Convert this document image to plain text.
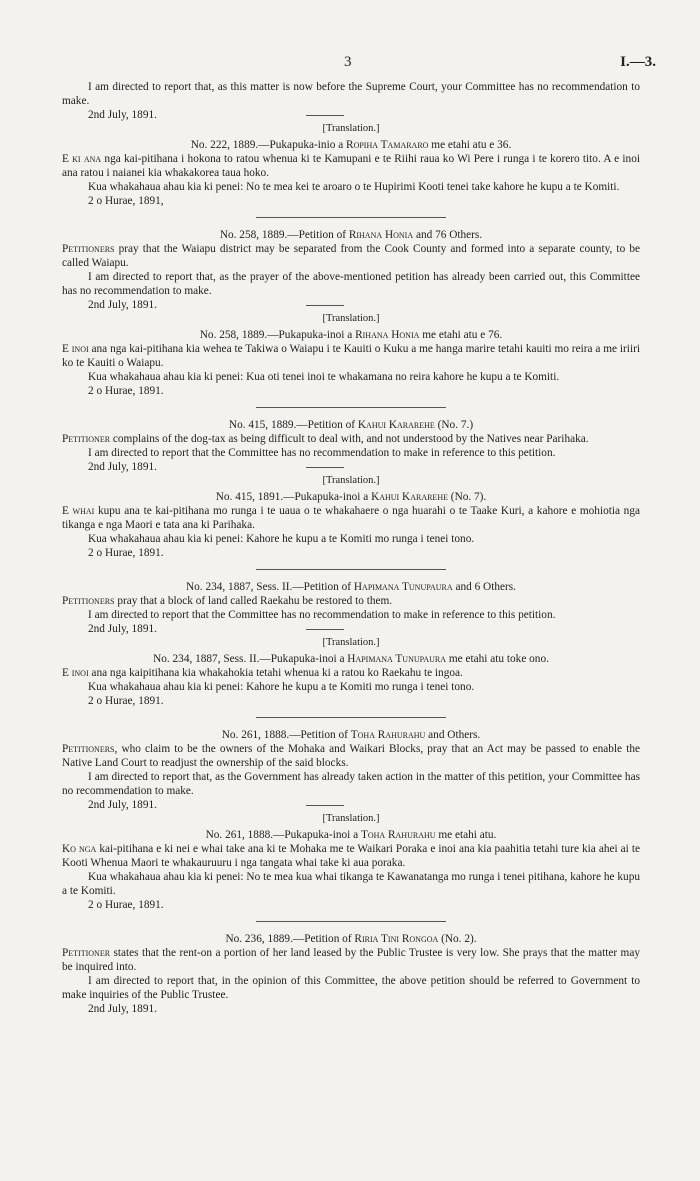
3	I.—3.

I am directed to report that, as this matter is now before the Supreme Court, your Committee has no recommendation to make.

2nd July, 1891.

[Translation.]

No. 222, 1889.—Pukapuka-inio a Ropiha Tamararo me etahi atu e 36.

E ki ana nga kai-pitihana i hokona to ratou whenua ki te Kamupani e te Riihi raua ko Wi Pere i runga i te korero tito. A e inoi ana ratou i naianei kia whakakorea taua hoko.

Kua whakahaua ahau kia ki penei: No te mea kei te aroaro o te Hupirimi Kooti tenei take kahore he kupu a te Komiti.

2 o Hurae, 1891,

No. 258, 1889.—Petition of Rihana Honia and 76 Others.

Petitioners pray that the Waiapu district may be separated from the Cook County and formed into a separate county, to be called Waiapu.

I am directed to report that, as the prayer of the above-mentioned petition has already been carried out, this Committee has no recommendation to make.

2nd July, 1891.

[Translation.]

No. 258, 1889.—Pukapuka-inoi a Rihana Honia me etahi atu e 76.

E inoi ana nga kai-pitihana kia wehea te Takiwa o Waiapu i te Kauiti o Kuku a me hanga marire tetahi kauiti mo reira a me iriiri ko te Kauiti o Waiapu.

Kua whakahaua ahau kia ki penei: Kua oti tenei inoi te whakamana no reira kahore he kupu a te Komiti.

2 o Hurae, 1891.

No. 415, 1889.—Petition of Kahui Kararehe (No. 7.)

Petitioner complains of the dog-tax as being difficult to deal with, and not understood by the Natives near Parihaka.

I am directed to report that the Committee has no recommendation to make in reference to this petition.

2nd July, 1891.

[Translation.]

No. 415, 1891.—Pukapuka-inoi a Kahui Kararehe (No. 7).

E whai kupu ana te kai-pitihana mo runga i te uaua o te whakahaere o nga huarahi o te Taake Kuri, a kahore e mohiotia nga tikanga e nga Maori e tata ana ki Parihaka.

Kua whakahaua ahau kia ki penei: Kahore he kupu a te Komiti mo runga i tenei tono.

2 o Hurae, 1891.

No. 234, 1887, Sess. II.—Petition of Hapimana Tunupaura and 6 Others.

Petitioners pray that a block of land called Raekahu be restored to them.

I am directed to report that the Committee has no recommendation to make in reference to this petition.

2nd July, 1891.

[Translation.]

No. 234, 1887, Sess. II.—Pukapuka-inoi a Hapimana Tunupaura me etahi atu toke ono.

E inoi ana nga kaipitihana kia whakahokia tetahi whenua ki a ratou ko Raekahu te ingoa.

Kua whakahaua ahau kia ki penei: Kahore he kupu a te Komiti mo runga i tenei tono.

2 o Hurae, 1891.

No. 261, 1888.—Petition of Toha Rahurahu and Others.

Petitioners, who claim to be the owners of the Mohaka and Waikari Blocks, pray that an Act may be passed to enable the Native Land Court to readjust the ownership of the said blocks.

I am directed to report that, as the Government has already taken action in the matter of this petition, your Committee has no recommendation to make.

2nd July, 1891.

[Translation.]

No. 261, 1888.—Pukapuka-inoi a Toha Rahurahu me etahi atu.

Ko nga kai-pitihana e ki nei e whai take ana ki te Mohaka me te Waikari Poraka e inoi ana kia paahitia tetahi ture kia ahei ai te Kooti Whenua Maori te whakauruuru i nga tangata whai take ki aua poraka.

Kua whakahaua ahau kia ki penei: No te mea kua whai tikanga te Kawanatanga mo runga i tenei pitihana, kahore he kupu a te Komiti.

2 o Hurae, 1891.

No. 236, 1889.—Petition of Riria Tini Rongoa (No. 2).

Petitioner states that the rent-on a portion of her land leased by the Public Trustee is very low. She prays that the matter may be inquired into.

I am directed to report that, in the opinion of this Committee, the above petition should be referred to Government to make inquiries of the Public Trustee.

2nd July, 1891.
